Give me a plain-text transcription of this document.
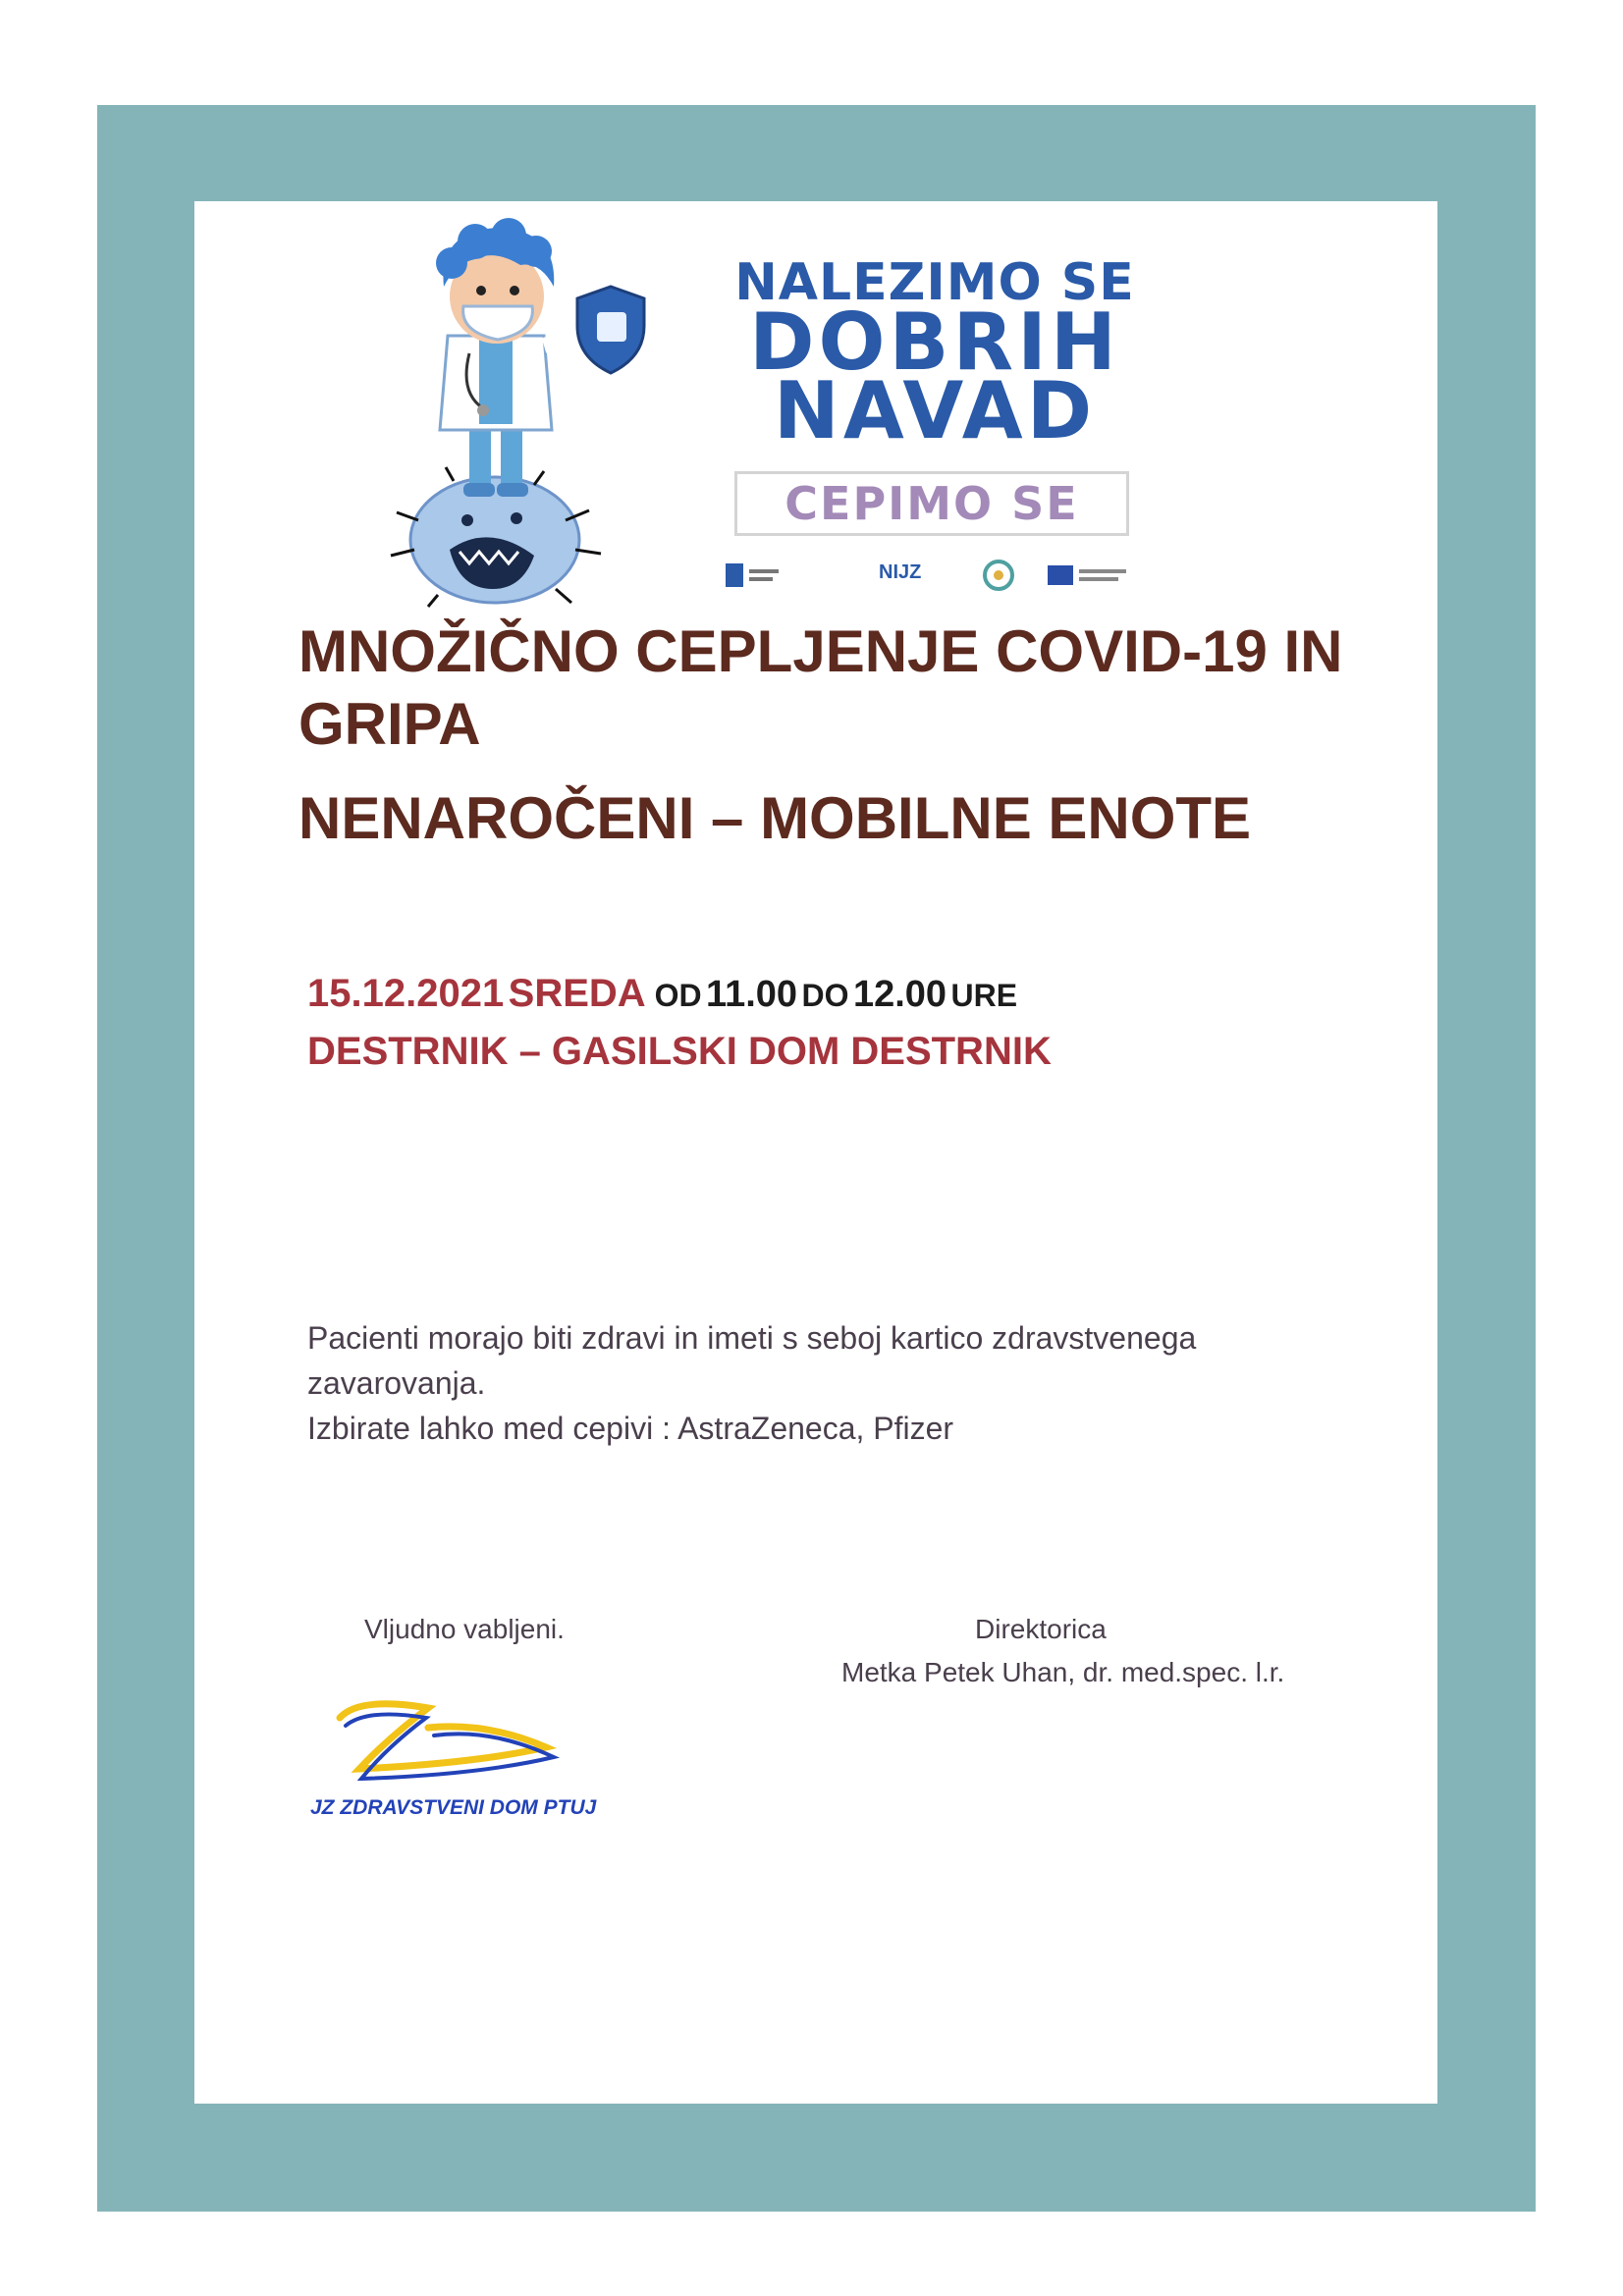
NALEZIMO SE
DOBRIH
NAVAD
CEPIMO SE
NIJZ
MNOŽIČNO CEPLJENJE COVID-19 IN
GRIPA
NENAROČENI – MOBILNE ENOTE
15.12.2021 SREDA OD 11.00 DO 12.00 URE
DESTRNIK – GASILSKI DOM DESTRNIK
Pacienti morajo biti zdravi in imeti s seboj kartico zdravstvenega
zavarovanja.
Izbirate lahko med cepivi : AstraZeneca, Pfizer
Vljudno vabljeni.	Direktorica
Metka Petek Uhan, dr. med.spec. l.r.
JZ ZDRAVSTVENI DOM PTUJ
